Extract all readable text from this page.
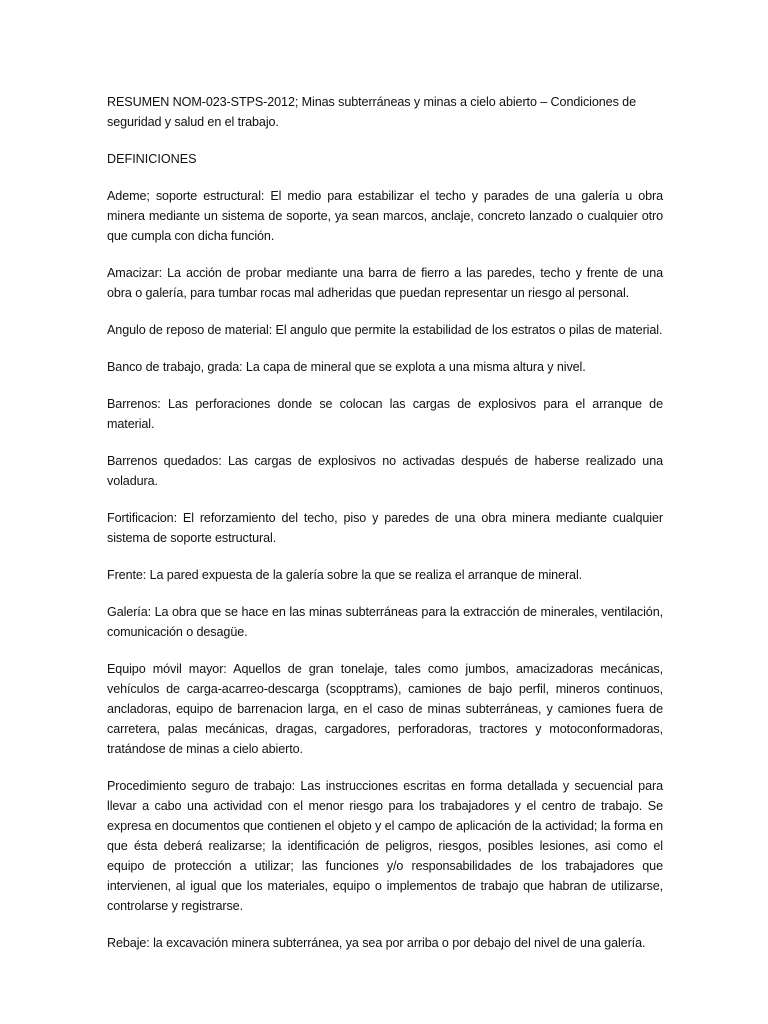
RESUMEN NOM-023-STPS-2012; Minas subterráneas y minas a cielo abierto – Condiciones de seguridad y salud en el trabajo.

DEFINICIONES

Ademe; soporte estructural: El medio para estabilizar el techo y parades de una galería u obra minera mediante un sistema de soporte, ya sean marcos, anclaje, concreto lanzado o cualquier otro que cumpla con dicha función.

Amacizar: La acción de probar mediante una barra de fierro a las paredes, techo y frente de una obra o galería, para tumbar rocas mal adheridas que puedan representar un riesgo al personal.

Angulo de reposo de material: El angulo que permite la estabilidad de los estratos o pilas de material.

Banco de trabajo, grada: La capa de mineral que se explota a una misma altura y nivel.

Barrenos: Las perforaciones donde se colocan las cargas de explosivos para el arranque de material.

Barrenos quedados: Las cargas de explosivos no activadas después de haberse realizado una voladura.

Fortificacion: El reforzamiento del techo, piso y paredes de una obra minera mediante cualquier sistema de soporte estructural.

Frente: La pared expuesta de la galería sobre la que se realiza el arranque de mineral.

Galería: La obra que se hace en las minas subterráneas para la extracción de minerales, ventilación, comunicación o desagüe.

Equipo móvil mayor: Aquellos de gran tonelaje, tales como jumbos, amacizadoras mecánicas, vehículos de carga-acarreo-descarga (scopptrams), camiones de bajo perfil, mineros continuos, ancladoras, equipo de barrenacion larga, en el caso de minas subterráneas, y camiones fuera de carretera, palas mecánicas, dragas, cargadores, perforadoras, tractores y motoconformadoras, tratándose de minas a cielo abierto.

Procedimiento seguro de trabajo: Las instrucciones escritas en forma detallada y secuencial para llevar a cabo una actividad con el menor riesgo para los trabajadores y el centro de trabajo. Se expresa en documentos que contienen el objeto y el campo de aplicación de la actividad; la forma en que ésta deberá realizarse; la identificación de peligros, riesgos, posibles lesiones, asi como el equipo de protección a utilizar; las funciones y/o responsabilidades de los trabajadores que intervienen, al igual que los materiales, equipo o implementos de trabajo que habran de utilizarse, controlarse y registrarse.

Rebaje: la excavación minera subterránea, ya sea por arriba o por debajo del nivel de una galería.
